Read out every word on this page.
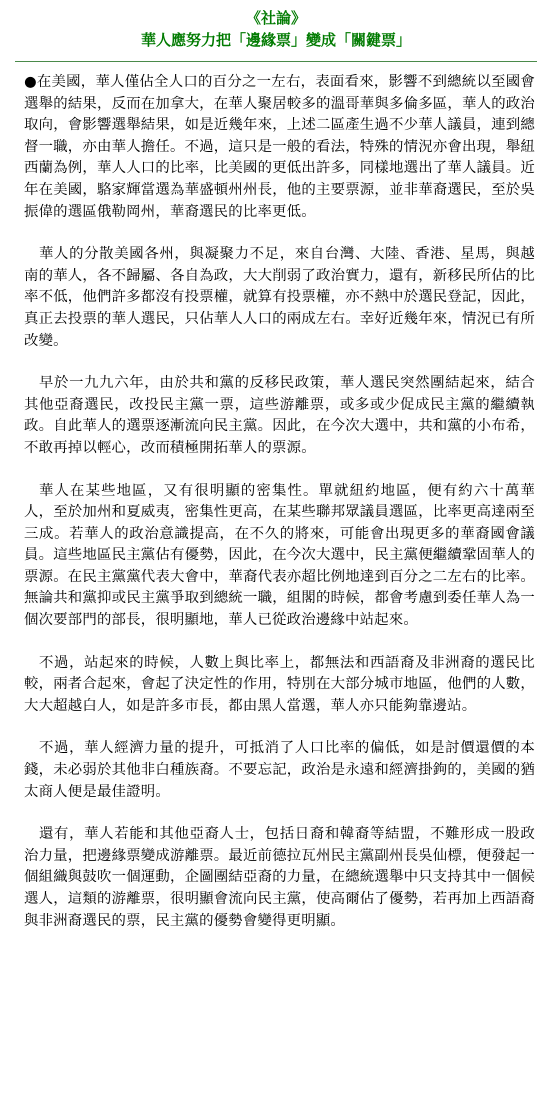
《社論》
華人應努力把「邊緣票」變成「關鍵票」

●在美國，華人僅佔全人口的百分之一左右，表面看來，影響不到總統以至國會選舉的結果，反而在加拿大，在華人聚居較多的溫哥華與多倫多區，華人的政治取向，會影響選舉結果，如是近幾年來，上述二區產生過不少華人議員，連到總督一職，亦由華人擔任。不過，這只是一般的看法，特殊的情況亦會出現，舉紐西蘭為例，華人人口的比率，比美國的更低出許多，同樣地選出了華人議員。近年在美國，駱家輝當選為華盛頓州州長，他的主要票源，並非華裔選民，至於吳振偉的選區俄勒岡州，華裔選民的比率更低。

華人的分散美國各州，與凝聚力不足，來自台灣、大陸、香港、星馬，與越南的華人，各不歸屬、各自為政，大大削弱了政治實力，還有，新移民所佔的比率不低，他們許多都沒有投票權，就算有投票權，亦不熱中於選民登記，因此，真正去投票的華人選民，只佔華人人口的兩成左右。幸好近幾年來，情況已有所改變。

早於一九九六年，由於共和黨的反移民政策，華人選民突然團結起來，結合其他亞裔選民，改投民主黨一票，這些游離票，或多或少促成民主黨的繼續執政。自此華人的選票逐漸流向民主黨。因此，在今次大選中，共和黨的小布希，不敢再掉以輕心，改而積極開拓華人的票源。

華人在某些地區，又有很明顯的密集性。單就紐約地區，便有約六十萬華人，至於加州和夏威夷，密集性更高，在某些聯邦眾議員選區，比率更高達兩至三成。若華人的政治意識提高，在不久的將來，可能會出現更多的華裔國會議員。這些地區民主黨佔有優勢，因此，在今次大選中，民主黨便繼續鞏固華人的票源。在民主黨黨代表大會中，華裔代表亦超比例地達到百分之二左右的比率。無論共和黨抑或民主黨爭取到總統一職，組閣的時候，都會考慮到委任華人為一個次要部門的部長，很明顯地，華人已從政治邊緣中站起來。

不過，站起來的時候，人數上與比率上，都無法和西語裔及非洲裔的選民比較，兩者合起來，會起了決定性的作用，特別在大部分城市地區，他們的人數，大大超越白人，如是許多市長，都由黑人當選，華人亦只能夠靠邊站。

不過，華人經濟力量的提升，可抵消了人口比率的偏低，如是討價還價的本錢，未必弱於其他非白種族裔。不要忘記，政治是永遠和經濟掛鉤的，美國的猶太商人便是最佳證明。

還有，華人若能和其他亞裔人士，包括日裔和韓裔等結盟，不難形成一股政治力量，把邊緣票變成游離票。最近前德拉瓦州民主黨副州長吳仙標，便發起一個組織與鼓吹一個運動，企圖團結亞裔的力量，在總統選舉中只支持其中一個候選人，這類的游離票，很明顯會流向民主黨，使高爾佔了優勢，若再加上西語裔與非洲裔選民的票，民主黨的優勢會變得更明顯。
